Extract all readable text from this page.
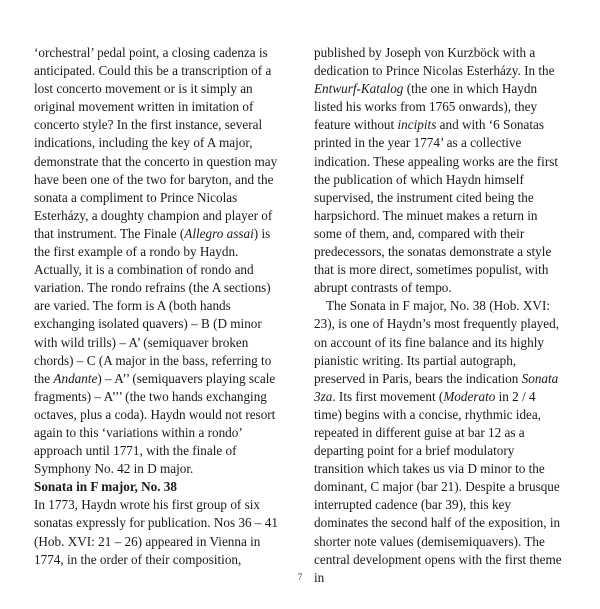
‘orchestral’ pedal point, a closing cadenza is anticipated. Could this be a transcription of a lost concerto movement or is it simply an original movement written in imitation of concerto style? In the first instance, several indications, including the key of A major, demonstrate that the concerto in question may have been one of the two for baryton, and the sonata a compliment to Prince Nicolas Esterházy, a doughty champion and player of that instrument. The Finale (Allegro assai) is the first example of a rondo by Haydn. Actually, it is a combination of rondo and variation. The rondo refrains (the A sections) are varied. The form is A (both hands exchanging isolated quavers) – B (D minor with wild trills) – A’ (semiquaver broken chords) – C (A major in the bass, referring to the Andante) – A’’ (semiquavers playing scale fragments) – A’’’ (the two hands exchanging octaves, plus a coda). Haydn would not resort again to this ‘variations within a rondo’ approach until 1771, with the finale of Symphony No. 42 in D major.

Sonata in F major, No. 38

In 1773, Haydn wrote his first group of six sonatas expressly for publication. Nos 36 – 41 (Hob. XVI: 21 – 26) appeared in Vienna in 1774, in the order of their composition,

published by Joseph von Kurzböck with a dedication to Prince Nicolas Esterházy. In the Entwurf-Katalog (the one in which Haydn listed his works from 1765 onwards), they feature without incipits and with ‘6 Sonatas printed in the year 1774’ as a collective indication. These appealing works are the first the publication of which Haydn himself supervised, the instrument cited being the harpsichord. The minuet makes a return in some of them, and, compared with their predecessors, the sonatas demonstrate a style that is more direct, sometimes populist, with abrupt contrasts of tempo.

The Sonata in F major, No. 38 (Hob. XVI: 23), is one of Haydn’s most frequently played, on account of its fine balance and its highly pianistic writing. Its partial autograph, preserved in Paris, bears the indication Sonata 3za. Its first movement (Moderato in 2 / 4 time) begins with a concise, rhythmic idea, repeated in different guise at bar 12 as a departing point for a brief modulatory transition which takes us via D minor to the dominant, C major (bar 21). Despite a brusque interrupted cadence (bar 39), this key dominates the second half of the exposition, in shorter note values (demisemiquavers). The central development opens with the first theme in

7
